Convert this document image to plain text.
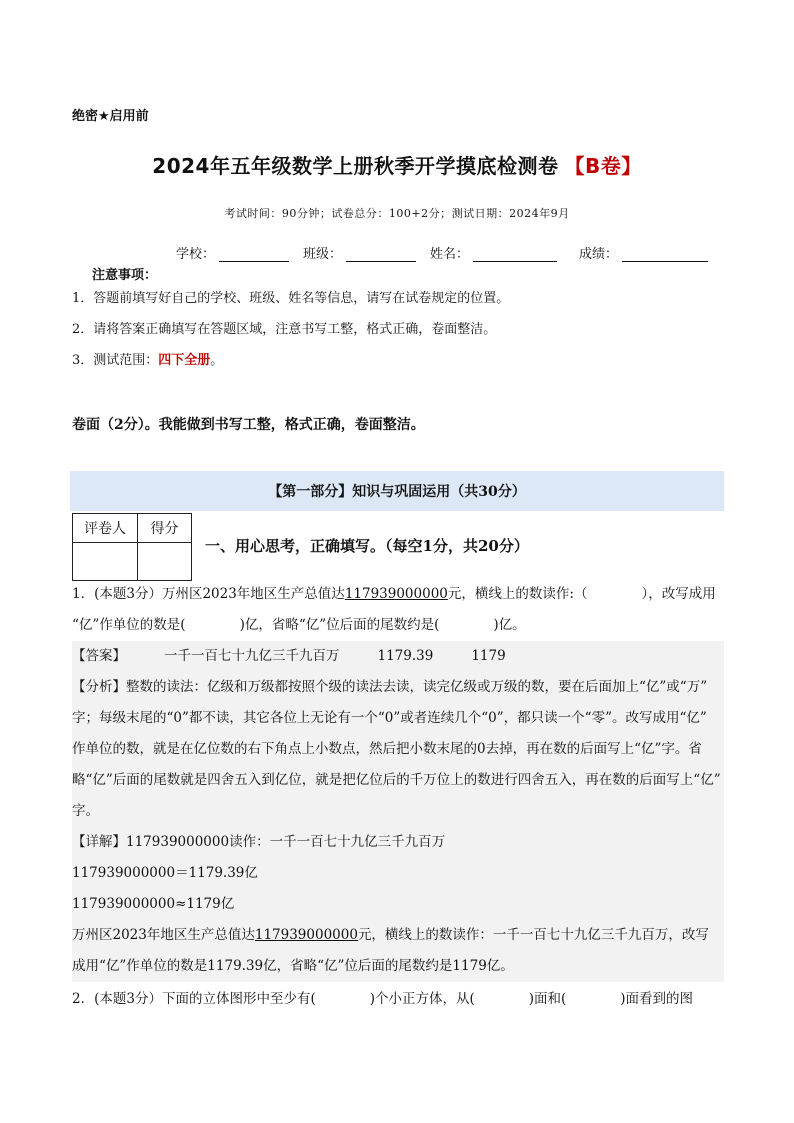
绝密★启用前
2024年五年级数学上册秋季开学摸底检测卷 【B卷】
考试时间：90分钟；试卷总分：100+2分；测试日期：2024年9月
学校：	班级：	姓名：	成绩：
注意事项：
1．答题前填写好自己的学校、班级、姓名等信息，请写在试卷规定的位置。
2．请将答案正确填写在答题区域，注意书写工整，格式正确，卷面整洁。
3．测试范围：四下全册。
卷面（2分）。我能做到书写工整，格式正确，卷面整洁。
【第一部分】知识与巩固运用（共30分）
评卷人	得分

一、用心思考，正确填写。（每空1分，共20分）
1．(本题3分）万州区2023年地区生产总值达117939000000元，横线上的数读作:（　　　　），改写成用
“亿”作单位的数是(　　　　)亿，省略“亿”位后面的尾数约是(　　　　)亿。
【答案】	一千一百七十九亿三千九百万	1179.39	1179
【分析】整数的读法：亿级和万级都按照个级的读法去读，读完亿级或万级的数，要在后面加上“亿”或“万”
字；每级末尾的“0”都不读，其它各位上无论有一个“0”或者连续几个“0”，都只读一个“零”。改写成用“亿”
作单位的数，就是在亿位数的右下角点上小数点，然后把小数末尾的0去掉，再在数的后面写上“亿”字。省
略“亿”后面的尾数就是四舍五入到亿位，就是把亿位后的千万位上的数进行四舍五入，再在数的后面写上“亿”
字。
【详解】117939000000读作：一千一百七十九亿三千九百万
117939000000＝1179.39亿
117939000000≈1179亿
万州区2023年地区生产总值达117939000000元，横线上的数读作：一千一百七十九亿三千九百万，改写
成用“亿”作单位的数是1179.39亿，省略“亿”位后面的尾数约是1179亿。
2．(本题3分）下面的立体图形中至少有(　　　　)个小正方体，从(　　　　)面和(　　　　)面看到的图
